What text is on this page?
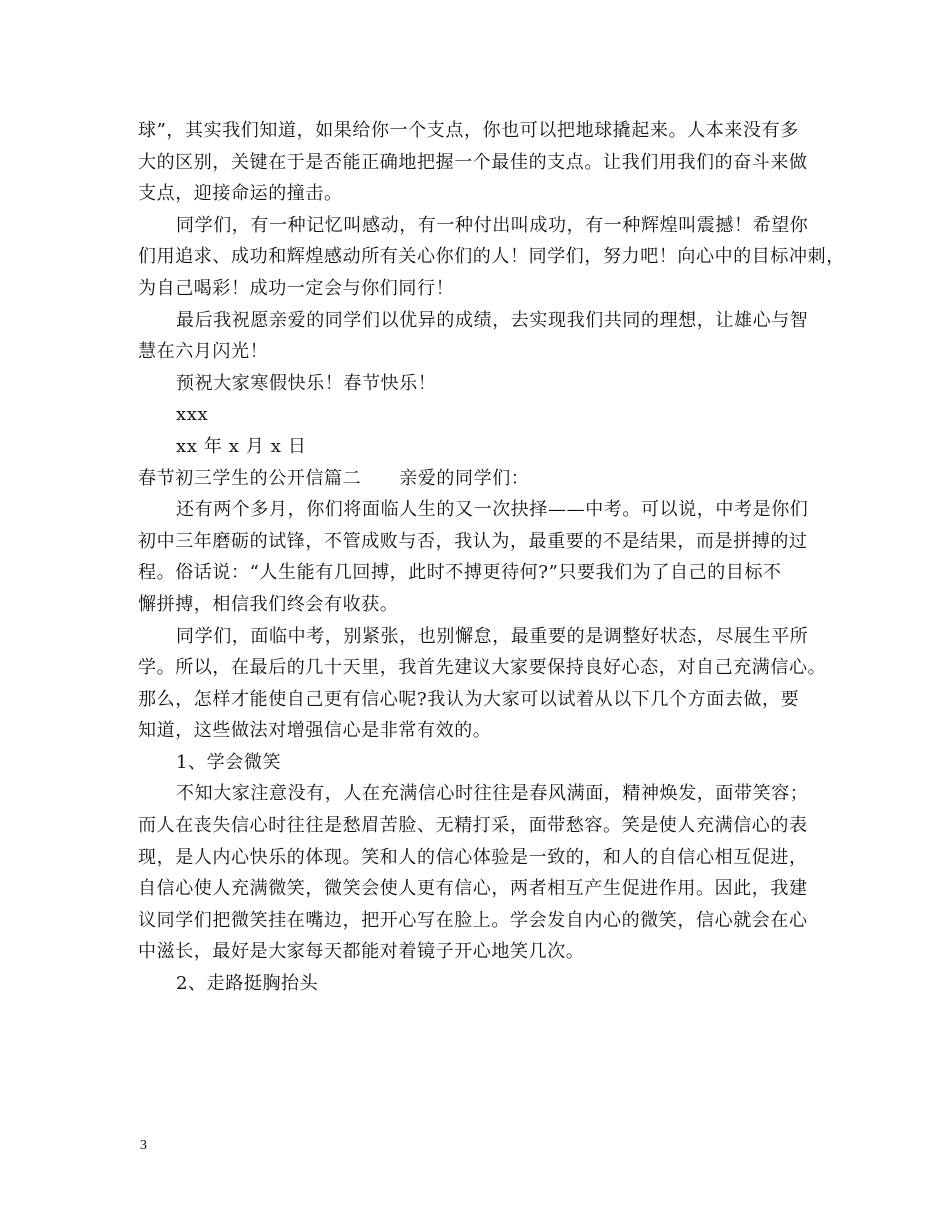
球”，其实我们知道，如果给你一个支点，你也可以把地球撬起来。人本来没有多
大的区别，关键在于是否能正确地把握一个最佳的支点。让我们用我们的奋斗来做
支点，迎接命运的撞击。
同学们，有一种记忆叫感动，有一种付出叫成功，有一种辉煌叫震撼！希望你
们用追求、成功和辉煌感动所有关心你们的人！同学们，努力吧！向心中的目标冲刺，
为自己喝彩！成功一定会与你们同行！
最后我祝愿亲爱的同学们以优异的成绩，去实现我们共同的理想，让雄心与智
慧在六月闪光！
预祝大家寒假快乐！春节快乐！
xxx
xx 年 x 月 x 日
春节初三学生的公开信篇二 亲爱的同学们：
还有两个多月，你们将面临人生的又一次抉择——中考。可以说，中考是你们
初中三年磨砺的试锋，不管成败与否，我认为，最重要的不是结果，而是拼搏的过
程。俗话说：“人生能有几回搏，此时不搏更待何?”只要我们为了自己的目标不
懈拼搏，相信我们终会有收获。
同学们，面临中考，别紧张，也别懈怠，最重要的是调整好状态，尽展生平所
学。所以，在最后的几十天里，我首先建议大家要保持良好心态，对自己充满信心。
那么，怎样才能使自己更有信心呢?我认为大家可以试着从以下几个方面去做，要
知道，这些做法对增强信心是非常有效的。
1、学会微笑
不知大家注意没有，人在充满信心时往往是春风满面，精神焕发，面带笑容；
而人在丧失信心时往往是愁眉苦脸、无精打采，面带愁容。笑是使人充满信心的表
现，是人内心快乐的体现。笑和人的信心体验是一致的，和人的自信心相互促进，
自信心使人充满微笑，微笑会使人更有信心，两者相互产生促进作用。因此，我建
议同学们把微笑挂在嘴边，把开心写在脸上。学会发自内心的微笑，信心就会在心
中滋长，最好是大家每天都能对着镜子开心地笑几次。
2、走路挺胸抬头
3
